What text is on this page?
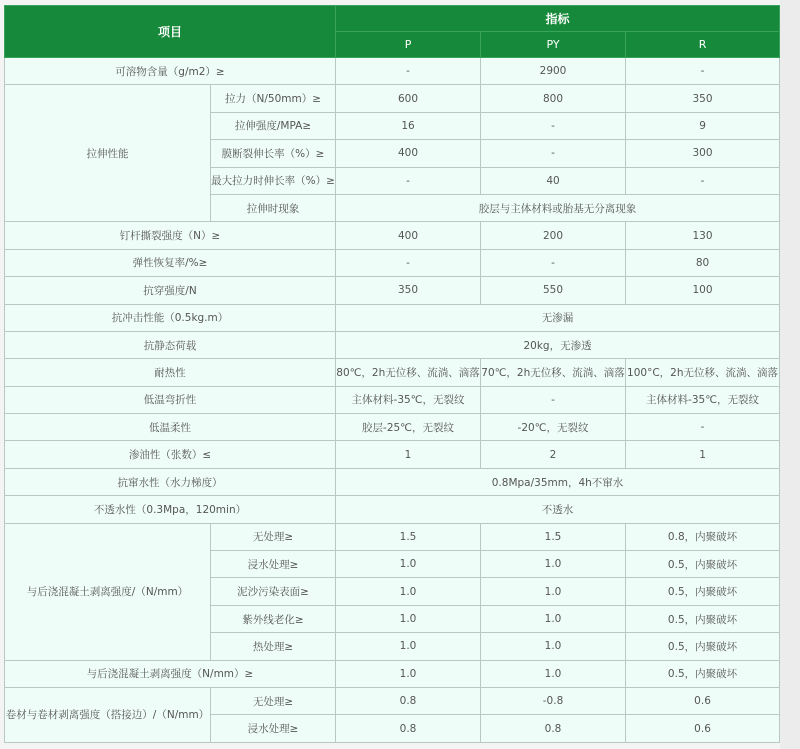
项目		指标		
		P	PY	R
可溶物含量（g/m2）≥		-	2900	-
拉伸性能	拉力（N/50mm）≥	600	800	350
	拉伸强度/MPA≥	16	-	9
	膜断裂伸长率（%）≥	400	-	300
	最大拉力时伸长率（%）≥	-	40	-
	拉伸时现象	胶层与主体材料或胎基无分离现象		
钉杆撕裂强度（N）≥		400	200	130
弹性恢复率/%≥		-	-	80
抗穿强度/N		350	550	100
抗冲击性能（0.5kg.m）		无渗漏		
抗静态荷载		20kg，无渗透		
耐热性		80℃，2h无位移、流淌、滴落	70℃，2h无位移、流淌、滴落	100°C，2h无位移、流淌、滴落
低温弯折性		主体材料-35℃，无裂纹	-	主体材料-35℃，无裂纹
低温柔性		胶层-25℃，无裂纹	-20℃，无裂纹	-
渗油性（张数）≤		1	2	1
抗窜水性（水力梯度）		0.8Mpa/35mm，4h不窜水		
不透水性（0.3Mpa，120min）		不透水		
与后浇混凝土剥离强度/（N/mm）	无处理≥	1.5	1.5	0.8，内聚破坏
	浸水处理≥	1.0	1.0	0.5，内聚破坏
	泥沙污染表面≥	1.0	1.0	0.5，内聚破坏
	紫外线老化≥	1.0	1.0	0.5，内聚破坏
	热处理≥	1.0	1.0	0.5，内聚破坏
与后浇混凝土剥离强度（N/mm）≥		1.0	1.0	0.5，内聚破坏
卷材与卷材剥离强度（搭接边）/（N/mm）	无处理≥	0.8	-0.8	0.6
	浸水处理≥	0.8	0.8	0.6
